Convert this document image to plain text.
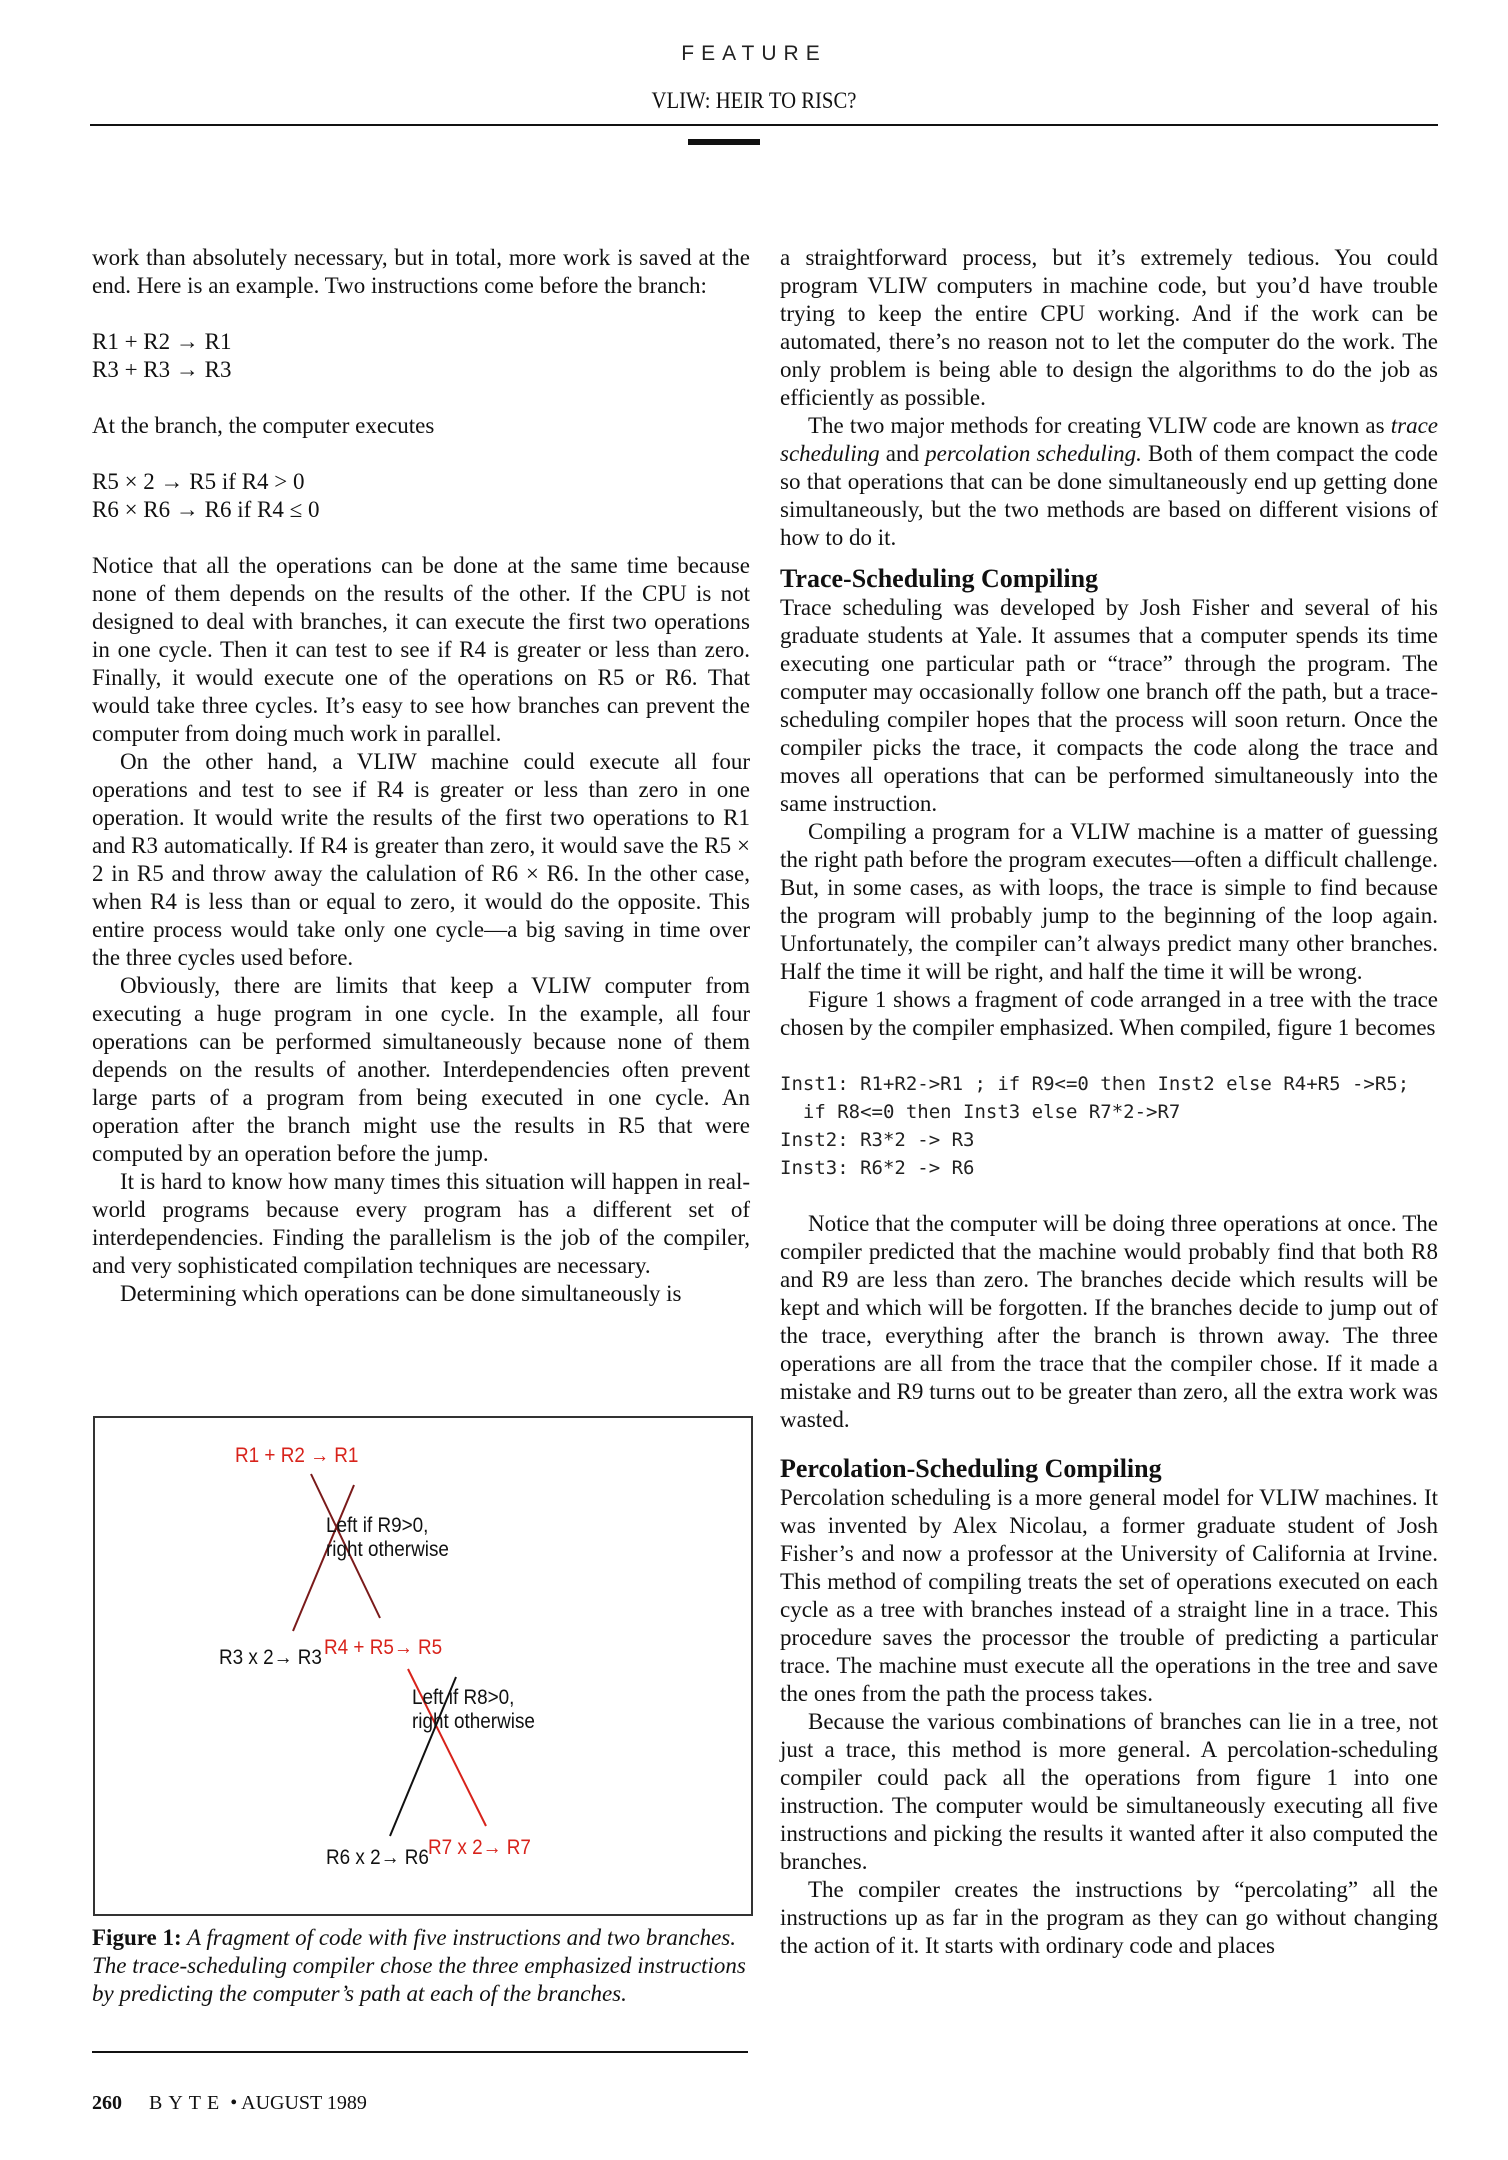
FEATURE
VLIW: HEIR TO RISC?

work than absolutely necessary, but in total, more work is saved at the end. Here is an example. Two instructions come before the branch:

R1 + R2 → R1

R3 + R3 → R3

At the branch, the computer executes

R5 × 2 → R5 if R4 > 0

R6 × R6 → R6 if R4 ≤ 0

Notice that all the operations can be done at the same time because none of them depends on the results of the other. If the CPU is not designed to deal with branches, it can execute the first two operations in one cycle. Then it can test to see if R4 is greater or less than zero. Finally, it would execute one of the operations on R5 or R6. That would take three cycles. It’s easy to see how branches can prevent the computer from doing much work in parallel.

On the other hand, a VLIW machine could execute all four operations and test to see if R4 is greater or less than zero in one operation. It would write the results of the first two operations to R1 and R3 automatically. If R4 is greater than zero, it would save the R5 × 2 in R5 and throw away the calulation of R6 × R6. In the other case, when R4 is less than or equal to zero, it would do the opposite. This entire process would take only one cycle—a big saving in time over the three cycles used before.

Obviously, there are limits that keep a VLIW computer from executing a huge program in one cycle. In the example, all four operations can be performed simultaneously because none of them depends on the results of another. Interdependencies often prevent large parts of a program from being executed in one cycle. An operation after the branch might use the results in R5 that were computed by an operation before the jump.

It is hard to know how many times this situation will happen in real-world programs because every program has a different set of interdependencies. Finding the parallelism is the job of the compiler, and very sophisticated compilation techniques are necessary.

Determining which operations can be done simultaneously is

R1 + R2 → R1
R3 x 2→ R3 R4 + R5→ R5
Left if R9>0,
right otherwise
Left if R8>0,
right otherwise
R6 x 2→ R6 R7 x 2→ R7
Figure 1: A fragment of code with five instructions and two branches. The trace-scheduling compiler chose the three emphasized instructions by predicting the computer’s path at each of the branches.
260 BYTE • AUGUST 1989

a straightforward process, but it’s extremely tedious. You could program VLIW computers in machine code, but you’d have trouble trying to keep the entire CPU working. And if the work can be automated, there’s no reason not to let the computer do the work. The only problem is being able to design the algorithms to do the job as efficiently as possible.

The two major methods for creating VLIW code are known as trace scheduling and percolation scheduling. Both of them compact the code so that operations that can be done simultaneously end up getting done simultaneously, but the two methods are based on different visions of how to do it.

Trace-Scheduling Compiling

Trace scheduling was developed by Josh Fisher and several of his graduate students at Yale. It assumes that a computer spends its time executing one particular path or “trace” through the program. The computer may occasionally follow one branch off the path, but a trace-scheduling compiler hopes that the process will soon return. Once the compiler picks the trace, it compacts the code along the trace and moves all operations that can be performed simultaneously into the same instruction.

Compiling a program for a VLIW machine is a matter of guessing the right path before the program executes—often a difficult challenge. But, in some cases, as with loops, the trace is simple to find because the program will probably jump to the beginning of the loop again. Unfortunately, the compiler can’t always predict many other branches. Half the time it will be right, and half the time it will be wrong.

Figure 1 shows a fragment of code arranged in a tree with the trace chosen by the compiler emphasized. When compiled, figure 1 becomes

Inst1: R1+R2->R1 ; if R9<=0 then Inst2 else R4+R5 ->R5;
if R8<=0 then Inst3 else R7*2->R7
Inst2: R3*2 -> R3
Inst3: R6*2 -> R6

Notice that the computer will be doing three operations at once. The compiler predicted that the machine would probably find that both R8 and R9 are less than zero. The branches decide which results will be kept and which will be forgotten. If the branches decide to jump out of the trace, everything after the branch is thrown away. The three operations are all from the trace that the compiler chose. If it made a mistake and R9 turns out to be greater than zero, all the extra work was wasted.

Percolation-Scheduling Compiling

Percolation scheduling is a more general model for VLIW machines. It was invented by Alex Nicolau, a former graduate student of Josh Fisher’s and now a professor at the University of California at Irvine. This method of compiling treats the set of operations executed on each cycle as a tree with branches instead of a straight line in a trace. This procedure saves the processor the trouble of predicting a particular trace. The machine must execute all the operations in the tree and save the ones from the path the process takes.

Because the various combinations of branches can lie in a tree, not just a trace, this method is more general. A percolation-scheduling compiler could pack all the operations from figure 1 into one instruction. The computer would be simultaneously executing all five instructions and picking the results it wanted after it also computed the branches.

The compiler creates the instructions by “percolating” all the instructions up as far in the program as they can go without changing the action of it. It starts with ordinary code and places
